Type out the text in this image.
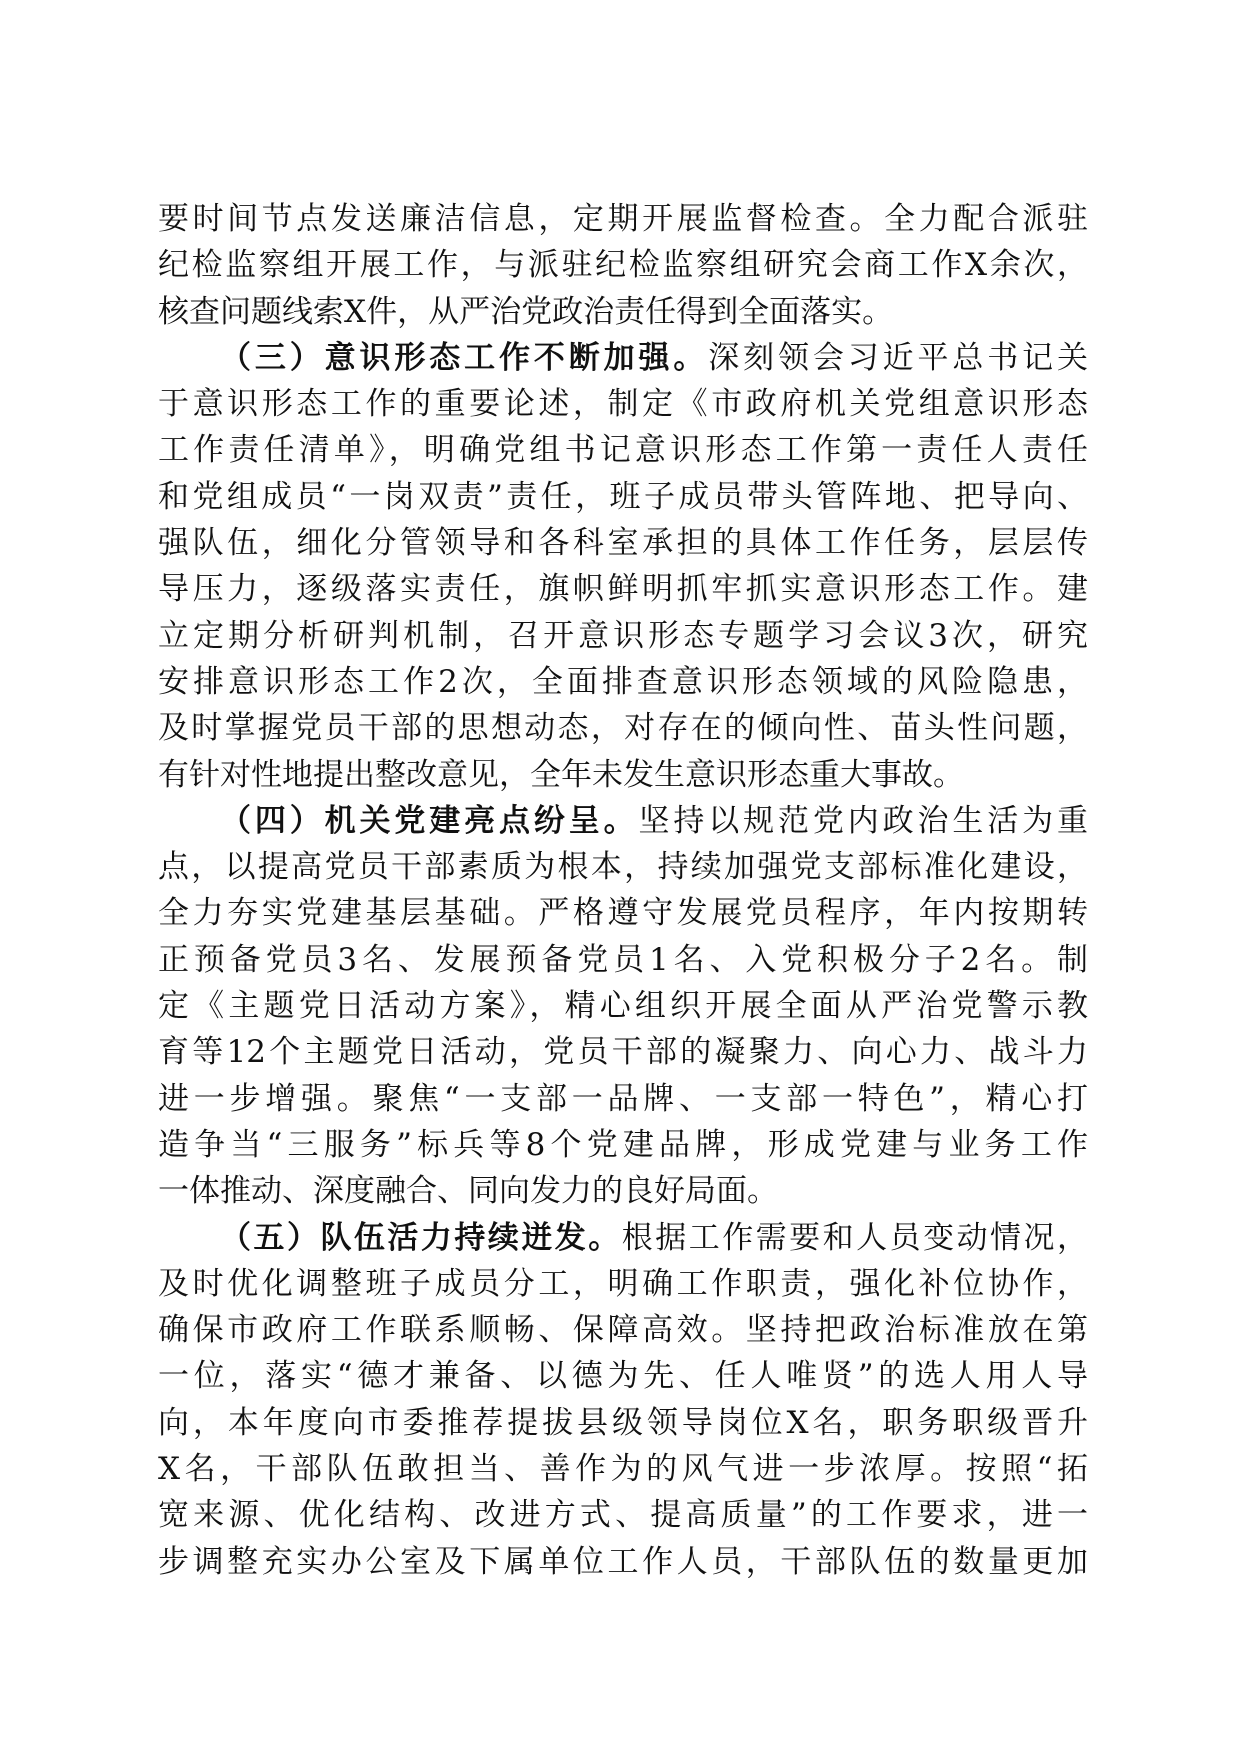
要时间节点发送廉洁信息，定期开展监督检查。全力配合派驻
纪检监察组开展工作，与派驻纪检监察组研究会商工作X余次，
核查问题线索X件，从严治党政治责任得到全面落实。
（三）意识形态工作不断加强。深刻领会习近平总书记关
于意识形态工作的重要论述，制定《市政府机关党组意识形态
工作责任清单》，明确党组书记意识形态工作第一责任人责任
和党组成员“一岗双责”责任，班子成员带头管阵地、把导向、
强队伍，细化分管领导和各科室承担的具体工作任务，层层传
导压力，逐级落实责任，旗帜鲜明抓牢抓实意识形态工作。建
立定期分析研判机制，召开意识形态专题学习会议3次，研究
安排意识形态工作2次，全面排查意识形态领域的风险隐患，
及时掌握党员干部的思想动态，对存在的倾向性、苗头性问题，
有针对性地提出整改意见，全年未发生意识形态重大事故。
（四）机关党建亮点纷呈。坚持以规范党内政治生活为重
点，以提高党员干部素质为根本，持续加强党支部标准化建设，
全力夯实党建基层基础。严格遵守发展党员程序，年内按期转
正预备党员3名、发展预备党员1名、入党积极分子2名。制
定《主题党日活动方案》，精心组织开展全面从严治党警示教
育等12个主题党日活动，党员干部的凝聚力、向心力、战斗力
进一步增强。聚焦“一支部一品牌、一支部一特色”，精心打
造争当“三服务”标兵等8个党建品牌，形成党建与业务工作
一体推动、深度融合、同向发力的良好局面。
（五）队伍活力持续迸发。根据工作需要和人员变动情况，
及时优化调整班子成员分工，明确工作职责，强化补位协作，
确保市政府工作联系顺畅、保障高效。坚持把政治标准放在第
一位，落实“德才兼备、以德为先、任人唯贤”的选人用人导
向，本年度向市委推荐提拔县级领导岗位X名，职务职级晋升
X名，干部队伍敢担当、善作为的风气进一步浓厚。按照“拓
宽来源、优化结构、改进方式、提高质量”的工作要求，进一
步调整充实办公室及下属单位工作人员，干部队伍的数量更加
